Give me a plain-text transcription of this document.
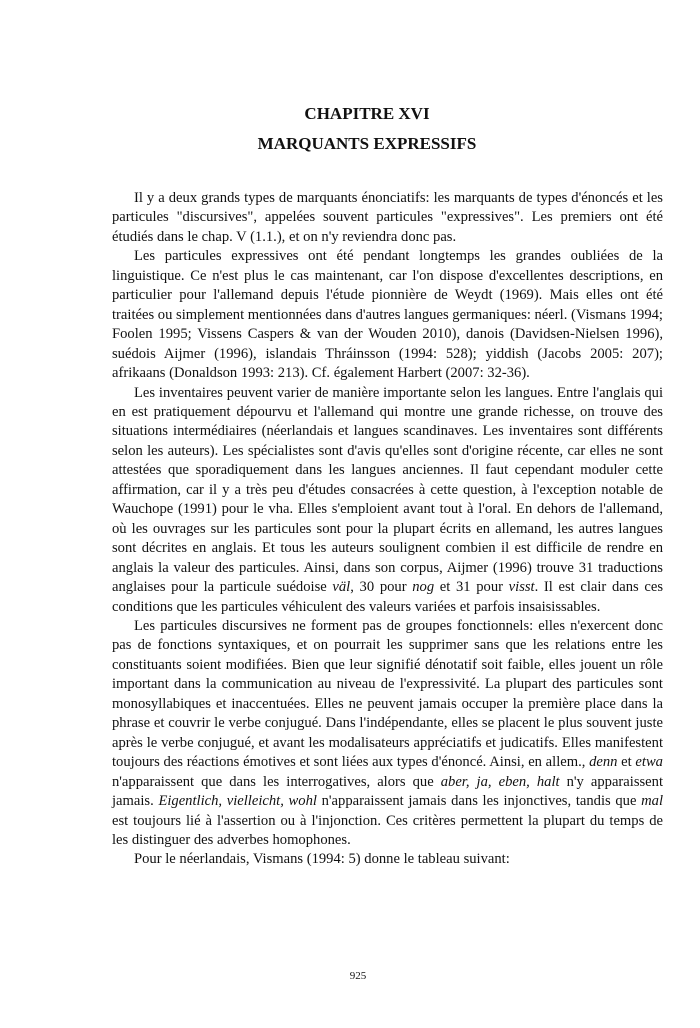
CHAPITRE XVI
MARQUANTS EXPRESSIFS

Il y a deux grands types de marquants énonciatifs: les marquants de types d'énoncés et les particules "discursives", appelées souvent particules "expressives". Les premiers ont été étudiés dans le chap. V (1.1.), et on n'y reviendra donc pas.

Les particules expressives ont été pendant longtemps les grandes oubliées de la linguistique. Ce n'est plus le cas maintenant, car l'on dispose d'excellentes descriptions, en particulier pour l'allemand depuis l'étude pionnière de Weydt (1969). Mais elles ont été traitées ou simplement mentionnées dans d'autres langues germaniques: néerl. (Vismans 1994; Foolen 1995; Vissens Caspers & van der Wouden 2010), danois (Davidsen-Nielsen 1996), suédois Aijmer (1996), islandais Thráinsson (1994: 528); yiddish (Jacobs 2005: 207); afrikaans (Donaldson 1993: 213). Cf. également Harbert (2007: 32-36).

Les inventaires peuvent varier de manière importante selon les langues. Entre l'anglais qui en est pratiquement dépourvu et l'allemand qui montre une grande richesse, on trouve des situations intermédiaires (néerlandais et langues scandinaves. Les inventaires sont différents selon les auteurs). Les spécialistes sont d'avis qu'elles sont d'origine récente, car elles ne sont attestées que sporadiquement dans les langues anciennes. Il faut cependant moduler cette affirmation, car il y a très peu d'études consacrées à cette question, à l'exception notable de Wauchope (1991) pour le vha. Elles s'emploient avant tout à l'oral. En dehors de l'allemand, où les ouvrages sur les particules sont pour la plupart écrits en allemand, les autres langues sont décrites en anglais. Et tous les auteurs soulignent combien il est difficile de rendre en anglais la valeur des particules. Ainsi, dans son corpus, Aijmer (1996) trouve 31 traductions anglaises pour la particule suédoise väl, 30 pour nog et 31 pour visst. Il est clair dans ces conditions que les particules véhiculent des valeurs variées et parfois insaisissables.

Les particules discursives ne forment pas de groupes fonctionnels: elles n'exercent donc pas de fonctions syntaxiques, et on pourrait les supprimer sans que les relations entre les constituants soient modifiées. Bien que leur signifié dénotatif soit faible, elles jouent un rôle important dans la communication au niveau de l'expressivité. La plupart des particules sont monosyllabiques et inaccentuées. Elles ne peuvent jamais occuper la première place dans la phrase et couvrir le verbe conjugué. Dans l'indépendante, elles se placent le plus souvent juste après le verbe conjugué, et avant les modalisateurs appréciatifs et judicatifs. Elles manifestent toujours des réactions émotives et sont liées aux types d'énoncé. Ainsi, en allem., denn et etwa n'apparaissent que dans les interrogatives, alors que aber, ja, eben, halt n'y apparaissent jamais. Eigentlich, vielleicht, wohl n'apparaissent jamais dans les injonctives, tandis que mal est toujours lié à l'assertion ou à l'injonction. Ces critères permettent la plupart du temps de les distinguer des adverbes homophones.

Pour le néerlandais, Vismans (1994: 5) donne le tableau suivant:

925
